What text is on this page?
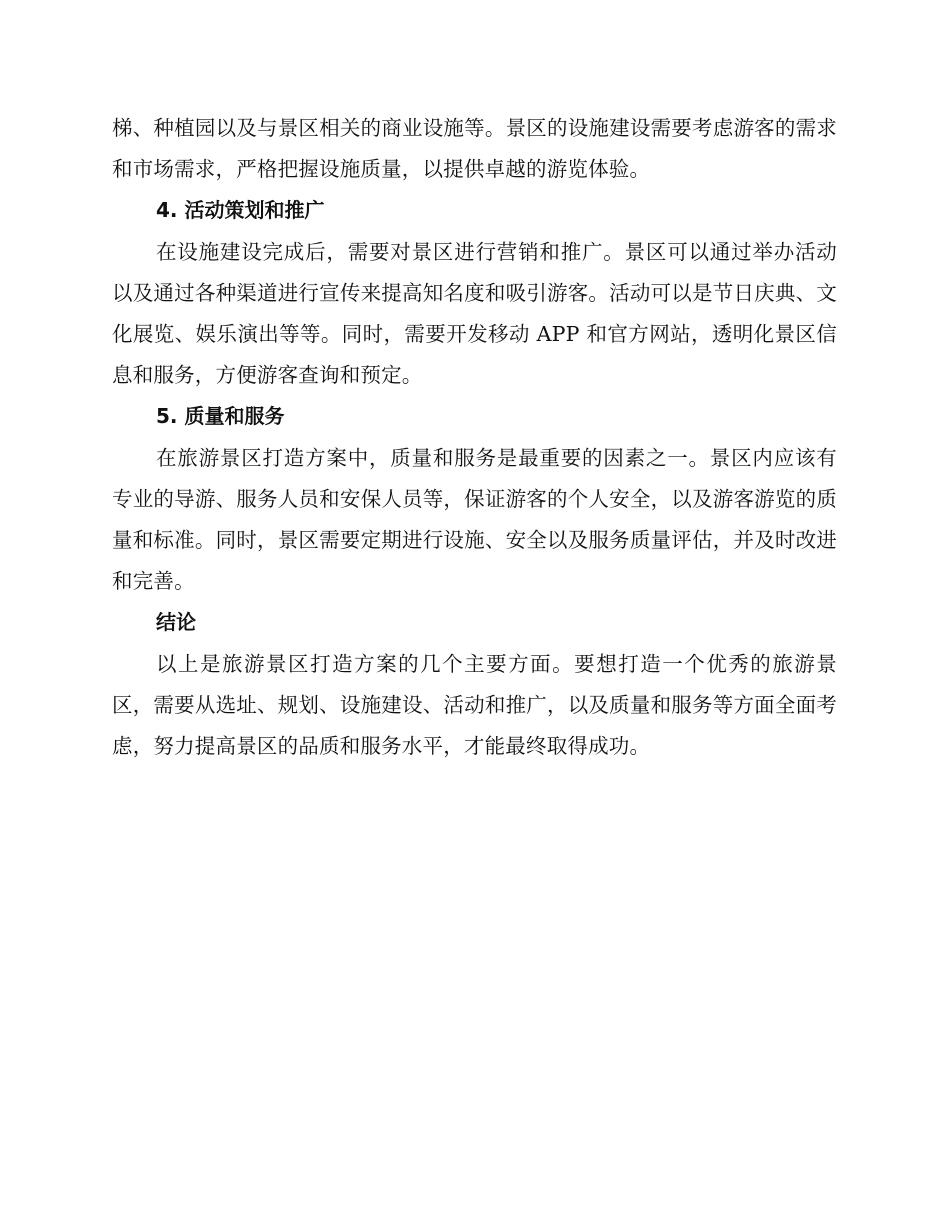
梯、种植园以及与景区相关的商业设施等。景区的设施建设需要考虑游客的需求和市场需求，严格把握设施质量，以提供卓越的游览体验。

4. 活动策划和推广

在设施建设完成后，需要对景区进行营销和推广。景区可以通过举办活动以及通过各种渠道进行宣传来提高知名度和吸引游客。活动可以是节日庆典、文化展览、娱乐演出等等。同时，需要开发移动 APP 和官方网站，透明化景区信息和服务，方便游客查询和预定。

5. 质量和服务

在旅游景区打造方案中，质量和服务是最重要的因素之一。景区内应该有专业的导游、服务人员和安保人员等，保证游客的个人安全，以及游客游览的质量和标准。同时，景区需要定期进行设施、安全以及服务质量评估，并及时改进和完善。

结论

以上是旅游景区打造方案的几个主要方面。要想打造一个优秀的旅游景区，需要从选址、规划、设施建设、活动和推广，以及质量和服务等方面全面考虑，努力提高景区的品质和服务水平，才能最终取得成功。
